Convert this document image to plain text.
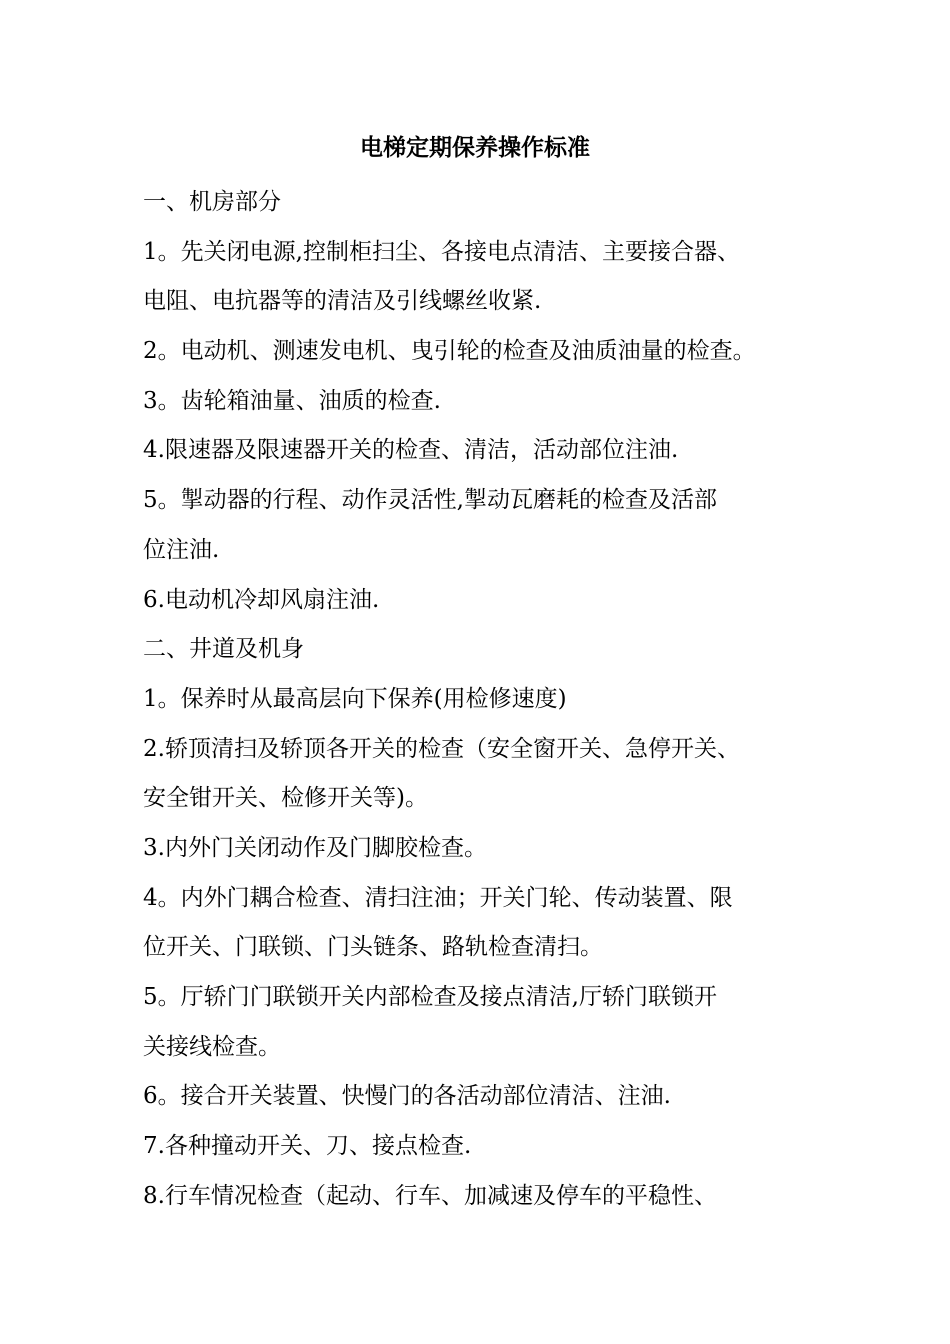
电梯定期保养操作标准

一、机房部分

1。先关闭电源,控制柜扫尘、各接电点清洁、主要接合器、

电阻、电抗器等的清洁及引线螺丝收紧.

2。电动机、测速发电机、曳引轮的检查及油质油量的检查。

3。齿轮箱油量、油质的检查.

4.限速器及限速器开关的检查、清洁，活动部位注油.

5。掣动器的行程、动作灵活性,掣动瓦磨耗的检查及活部

位注油.

6.电动机冷却风扇注油.

二、井道及机身

1。保养时从最高层向下保养(用检修速度)

2.轿顶清扫及轿顶各开关的检查（安全窗开关、急停开关、

安全钳开关、检修开关等)。

3.内外门关闭动作及门脚胶检查。

4。内外门耦合检查、清扫注油；开关门轮、传动装置、限

位开关、门联锁、门头链条、路轨检查清扫。

5。厅轿门门联锁开关内部检查及接点清洁,厅轿门联锁开

关接线检查。

6。接合开关装置、快慢门的各活动部位清洁、注油.

7.各种撞动开关、刀、接点检查.

8.行车情况检查（起动、行车、加减速及停车的平稳性、
